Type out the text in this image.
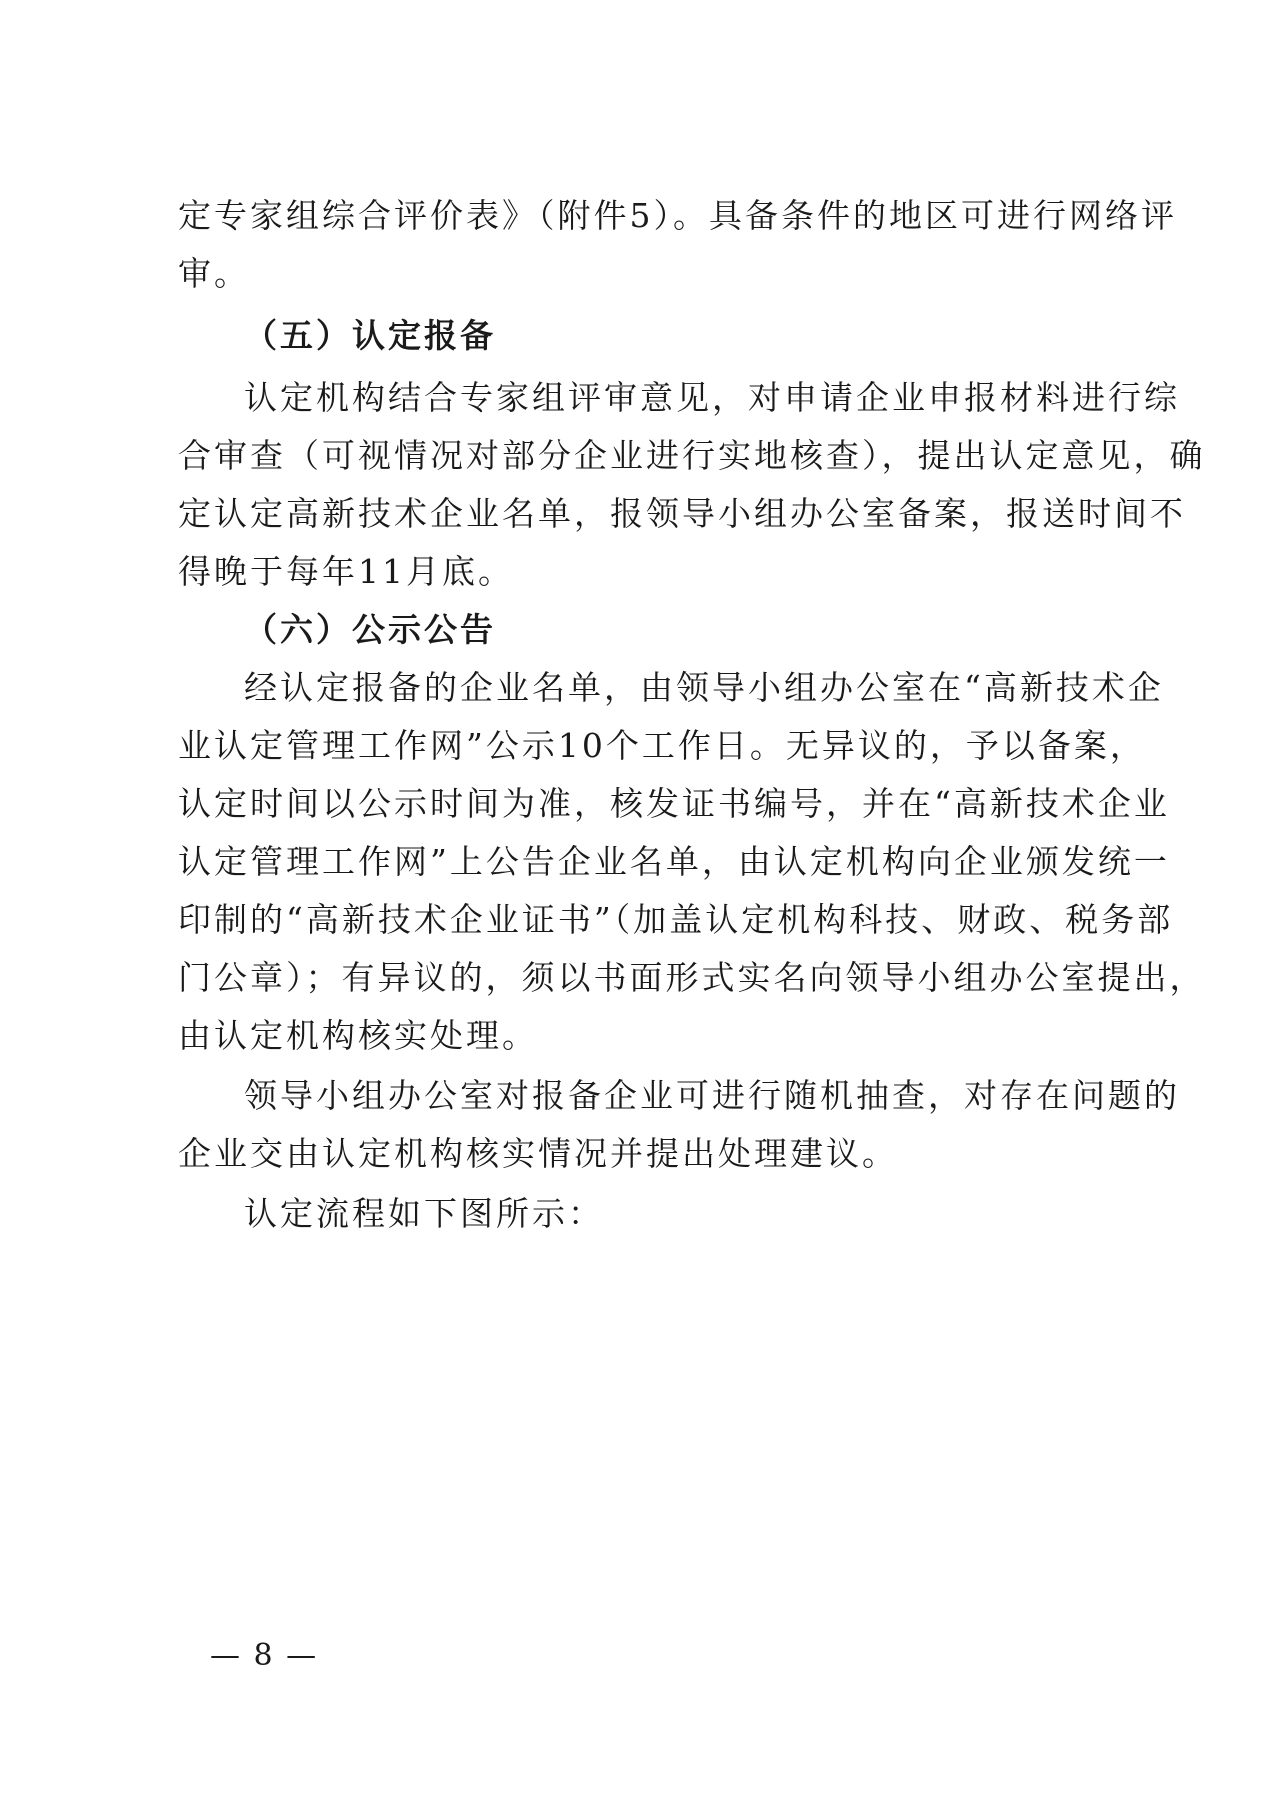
定专家组综合评价表》（附件5）。具备条件的地区可进行网络评
审。
（五）认定报备
认定机构结合专家组评审意见，对申请企业申报材料进行综
合审查（可视情况对部分企业进行实地核查），提出认定意见，确
定认定高新技术企业名单，报领导小组办公室备案，报送时间不
得晚于每年11月底。
（六）公示公告
经认定报备的企业名单，由领导小组办公室在“高新技术企
业认定管理工作网”公示10个工作日。无异议的，予以备案，
认定时间以公示时间为准，核发证书编号，并在“高新技术企业
认定管理工作网”上公告企业名单，由认定机构向企业颁发统一
印制的“高新技术企业证书”（加盖认定机构科技、财政、税务部
门公章）；有异议的，须以书面形式实名向领导小组办公室提出，
由认定机构核实处理。
领导小组办公室对报备企业可进行随机抽查，对存在问题的
企业交由认定机构核实情况并提出处理建议。
认定流程如下图所示：
— 8 —
